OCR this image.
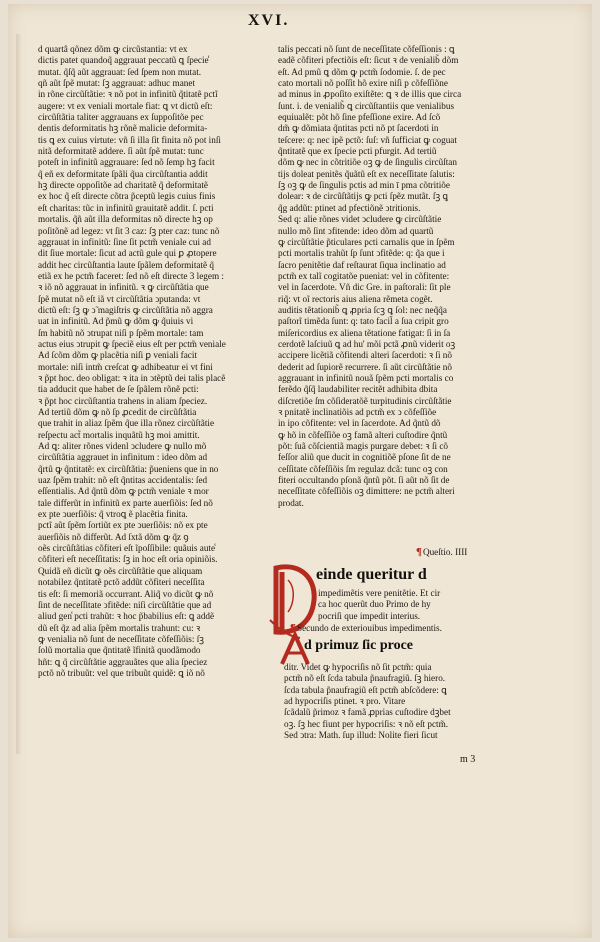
XVI.
d quartâ qõnez dõm ꝙ circũstantia: vt ex
dictis patet quandoq̃ aggrauat peccatũ ꝗ ſpecie̾
mutat. q̃ſq̃ aũt aggrauat: ſed ſpem non mutat.
qñ aũt ſpẽ mutat: ſꝫ aggrauat: adhuc manet
in rõne circũſtãtie: ꝛ nõ pot in infinitũ q̃titatẽ pctĩ
augere: vt ex veniali mortale fiat: ꝗ vt dictũ eſt:
circũſtãtia taliter aggrauans ex ſuppoſitõe pec
dentis deformitatis hꝫ rõnẽ malicie deformita-
tis ꝗ ex cuius virtute: vñ ſi illa ſit finita nõ pot inſi
nitã deformitatẽ addere. ſi aũt ſpẽ mutat: tunc
poteſt in infinitũ aggrauare: ſed nõ ſemp hꝫ facit
q̃ eñ ex deformitate ſpãli q̃ua circũſtantia addit
hꝫ directe oppoſitõe ad charitatẽ q̃ deformitatẽ
ex hoc q̃ eſt directe cõtra p̃ceptũ legis cuius finis
eſt charitas: tũc in infinitũ grauitatẽ addit. ſ. pcti
mortalis. q̃ñ aũt illa deformitas nõ directe hꝫ op
poſitõnẽ ad legez: vt ſit 3 caz: ſꝫ pter caz: tunc nõ
aggrauat in infinitũ: ſine ſit pctm̃ veniale cui ad
dit ſiue mortale: ſicut ad actũ gule qui ꝑ ꝓtopere
addit hec circũſtantia laute ſpãlem deformitatẽ q̃
etiã ex he pctm̃ faceret: ſed nõ eſt directe 3 legem :
ꝛ iõ nõ aggrauat in infinitũ. ꝛ ꝙ circũſtãtia que
ſpẽ mutat nõ eſt iã vt circũſtãtia ↄputanda: vt
dictũ eſt: ſꝫ ꝙ ↄ̃ magiſtris ꝙ circũſtãtia nõ aggra
uat in infinitũ. Ad p̃mũ ꝙ dõm ꝙ q̃uiuis vi
ſm habitũ nõ ↄtrupat niſi p ſpẽm mortale: tam
actus eius ↄtrupit ꝙ ſpeciẽ eius eſt per pctm̃ veniale
Ad ſcõm dõm ꝙ placẽtia niſi ꝑ veniali facit
mortale: niſi intm̃ creſcat ꝙ adhibeatur ei vt fini
ꝛ p̃pt hoc. deo obligat: ꝛ ita in ↄtẽptũ dei talis placẽ
tia adducit que habet de ſe ſpãlem rõnẽ pcti:
ꝛ p̃pt hoc circũſtantia trahens in aliam ſpeciez.
Ad tertiũ dõm ꝙ nõ ſp ꝓcedit de circũſtãtia
que trahit in aliaz ſpẽm q̃ue illa rõnez circũſtãtie
reſpectu act̃ mortalis inquãtũ hꝫ moi amittit.
Ad ꝗ: aliter rõnes videnl ↄcludere ꝙ nullo mõ
circũſtãtia aggrauet in infinitum : ideo dõm ad
q̃rtũ ꝙ q̃ntitatẽ: ex circũſtãtia: p̃ueniens que in no
uaz ſpẽm trahit: nõ eſt q̃ntitas accidentalis: ſed
eſſentialis. Ad q̃ntũ dõm ꝙ pctm̃ veniale ꝛ mor
tale differũt in infinitũ ex parte auerſiõis: ſed nõ
ex pte ↄuerſiõis: q̃ vtroꝗ ẽ placẽtia finita.
pctĩ aũt ſpẽm ſortiũt ex pte ↄuerſiõis: nõ ex pte
auerſiõis nõ differũt. Ad ſxtã dõm ꝙ q̃z ꝯ
oẽs circũſtãtias cõfiteri eſt ĩpoſſibile: quãuis aute̾
cõfiteri eſt neceſſitatis: ſꝫ in hoc eſt oria opiniõis.
Quidã eñ dicũt ꝙ oẽs circũſtãtie que aliquam
notabilez q̃ntitatẽ pctõ addũt cõfiteri neceſſita
tis eſt: ſi memoriã occurrant. Aliq̃ vo dicũt ꝙ nõ
ſint de neceſſitate ↄfitẽde: niſi circũſtãtie que ad
aliud gen̾ pcti trahũt: ꝛ hoc p̃babilius eſt: ꝗ addẽ
dũ eſt q̃z ad alia ſpẽm mortalis trahunt: cu: ꝛ
ꝙ venialia nõ ſunt de neceſſitate cõfeſſiõis: ſꝫ
ſolũ mortalia que q̃ntitatẽ ĩfinitã quodãmodo
hñt: ꝗ q̃ circũſtãtie aggrauãtes que alia ſpeciez
pctõ nõ tribuũt: vel que tribuũt quidẽ: ꝗ iõ nõ
talis peccati nõ ſunt de neceſſitate cõfeſſionis : ꝗ
eadẽ cõfiteri pfectiõis eſt: ſicut ꝛ de venialib̃ dõm
eſt. Ad pmũ ꝗ dõm ꝙ pctm̃ ſodomie. ſ. de pec
cato mortali nõ poſſit hõ exire niſi p cõfeſſiõne
ad minus in ꝓpoſito exiſtẽte: ꝗ ꝛ de illis que circa
ſunt. i. de venialib̃ ꝗ circũſtantiis que venialibus
equiualẽt: põt hõ ſine pfeſſione exire. Ad ſcõ
dm̃ ꝙ dõmiata q̃ntitas pcti nõ pt ſacerdoti in
teſcere: q: nec ipẽ pctõ: ſuſ: vñ ſufficiat ꝙ coguat
q̃ntitatẽ que ex ſpecie pcti pfurgit. Ad tertiũ
dõm ꝙ nec in cõtritiõe oꝫ ꝙ de ſingulis circũſtan
tijs doleat penitẽs q̃uãtũ eſt ex neceſſitate ſalutis:
ſꝫ oꝫ ꝙ de ſingulis pctis ad min ī pma cõtritiõe
dolear: ꝛ de circũſtãtijs ꝙ pcti ſpẽz mutãt. ſꝫ ꝗ
q̃g addũt: ptinet ad pfectiõnẽ ↄtritionis.
Sed q: alie rõnes videt ↄcludere ꝙ circũſtãtie
nullo mõ ſint ↄfitende: ideo dõm ad quartũ
ꝙ circũſtãtie p̃ticulares pcti carnalis que in ſpẽm
pcti mortalis trahũt ſp ſunt ↄfitẽde: q: q̃a que i
ſacro penitẽtie daf reſtaurat ſiqua inclinatio ad
pctm̃ ex talĩ cogitatõe pueniat: vel in cõfitente:
vel in ſacerdote. Vñ dic Gre. in paſtorali: ſit ple
riq̃: vt oĩ rectoris aius aliena rẽmeta cogẽt.
auditis tẽtationib̃ ꝗ ꝓpria ſcꝫ ꝗ ſol: nec neq̃q̃a
paſtorĩ timẽda ſunt: q: tato facil̄ a ſua cripit gro
miſericordius ex aliena tẽtatione fatigat: ſi in ſa
cerdotẽ laſciuũ ꝗ ad hu' mõi pctã ꝓnũ viderit oꝫ
accipere licẽtiã cõfitendi alteri ſacerdoti: ꝛ ſi nõ
dederit ad ſupiorẽ recurrere. ſi aũt circũſtãtie nõ
aggrauant in infinitũ nouã ſpẽm pcti mortalis co
ferẽdo q̃ſq̃ laudabiliter recitẽt adhibita dbita
diſcretiõe ſm cõſideratõẽ turpitudinis circũſtãtie
ꝛ pnitatẽ inclinatiõis ad pctm̃ ex ↄ cõfeſſiõe
in ipo cõfitente: vel in ſacerdote. Ad q̃ntũ dõ
ꝙ hõ in cõfeſſiõe oꝫ famã alteri cuſtodire q̃ntũ
põt: ſuã cõſcientiã magis purgare debet: ꝛ ſi cõ
feſſor aliũ que ducit in cognitiõẽ pſone ſit de ne
ceſſitate cõfeſſiõis ſm regulaz dcã: tunc oꝫ con
fiteri occultando pſonã q̃ntũ põt. ſi aũt nõ ſit de
neceſſitate cõfeſſiõis oꝫ dimittere: ne pctm̃ alteri
prodat.
¶Queſtio. IIII
einde queritur d
impedimẽtis vere penitẽtie. Et cir
ca hoc querũt duo Primo de hy
pocriſi que impedit interius.
¶Secundo de exteriouibus impedimentis.
d primuz ſic proce
ditr. Videt ꝙ hypocriſis nõ ſit pctm̃: quia
pctm̃ nõ eſt ſcda tabula p̃naufragiũ. ſꝫ hiero.
ſcda tabula p̃naufragiũ eſt pctm̃ abſcõdere: ꝗ
ad hypocriſis ptinet. ꝛ pro. Vitare
ſcãdalũ p̃rimoz ꝛ famã ꝓprias cuſtodire dꝫbet
oꝫ. ſꝫ hec fiunt per hypocriſis: ꝛ nõ eſt pctm̃.
Sed ↄtra: Math. ſup illud: Nolite fieri ſicut
m 3
